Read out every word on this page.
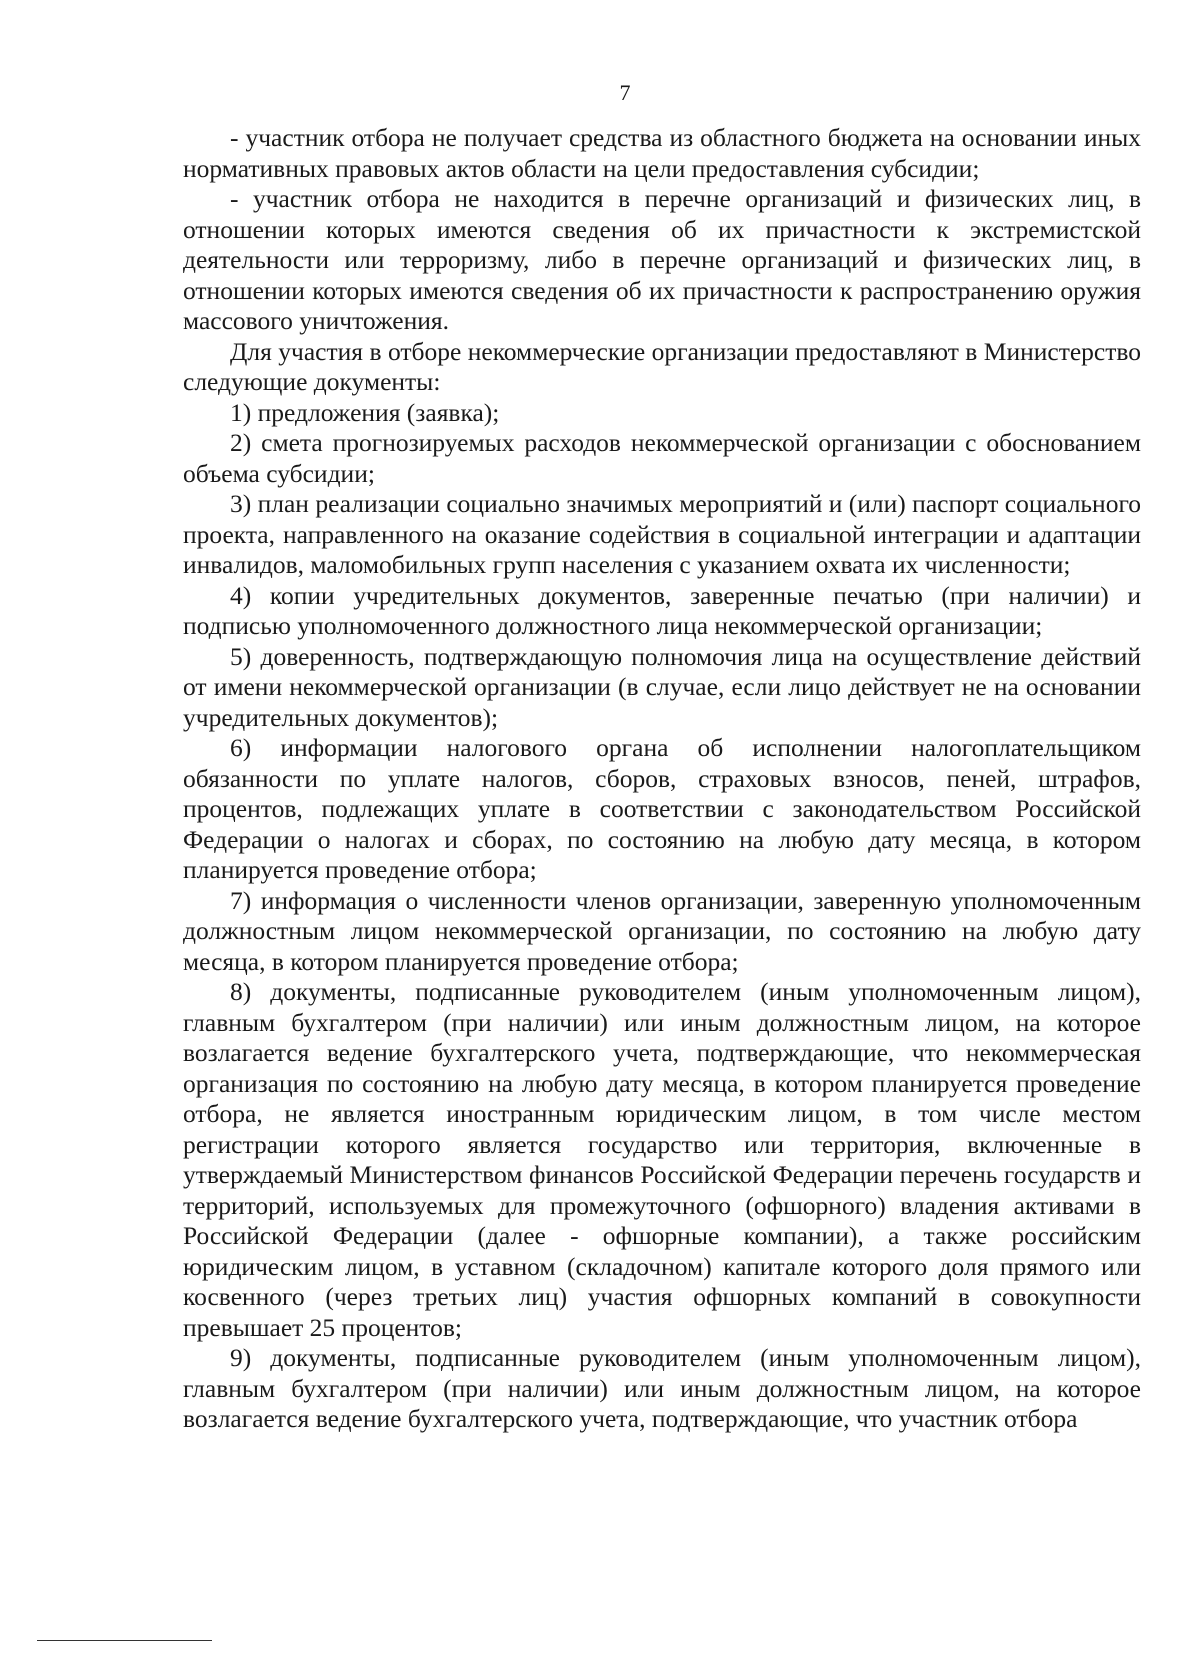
7

- участник отбора не получает средства из областного бюджета на основании иных нормативных правовых актов области на цели предоставления субсидии;

- участник отбора не находится в перечне организаций и физических лиц, в отношении которых имеются сведения об их причастности к экстремистской деятельности или терроризму, либо в перечне организаций и физических лиц, в отношении которых имеются сведения об их причастности к распространению оружия массового уничтожения.

Для участия в отборе некоммерческие организации предоставляют в Министерство следующие документы:

1) предложения (заявка);

2) смета прогнозируемых расходов некоммерческой организации с обоснованием объема субсидии;

3) план реализации социально значимых мероприятий и (или) паспорт социального проекта, направленного на оказание содействия в социальной интеграции и адаптации инвалидов, маломобильных групп населения с указанием охвата их численности;

4) копии учредительных документов, заверенные печатью (при наличии) и подписью уполномоченного должностного лица некоммерческой организации;

5) доверенность, подтверждающую полномочия лица на осуществление действий от имени некоммерческой организации (в случае, если лицо действует не на основании учредительных документов);

6) информации налогового органа об исполнении налогоплательщиком обязанности по уплате налогов, сборов, страховых взносов, пеней, штрафов, процентов, подлежащих уплате в соответствии с законодательством Российской Федерации о налогах и сборах, по состоянию на любую дату месяца, в котором планируется проведение отбора;

7) информация о численности членов организации, заверенную уполномоченным должностным лицом некоммерческой организации, по состоянию на любую дату месяца, в котором планируется проведение отбора;

8) документы, подписанные руководителем (иным уполномоченным лицом), главным бухгалтером (при наличии) или иным должностным лицом, на которое возлагается ведение бухгалтерского учета, подтверждающие, что некоммерческая организация по состоянию на любую дату месяца, в котором планируется проведение отбора, не является иностранным юридическим лицом, в том числе местом регистрации которого является государство или территория, включенные в утверждаемый Министерством финансов Российской Федерации перечень государств и территорий, используемых для промежуточного (офшорного) владения активами в Российской Федерации (далее - офшорные компании), а также российским юридическим лицом, в уставном (складочном) капитале которого доля прямого или косвенного (через третьих лиц) участия офшорных компаний в совокупности превышает 25 процентов;

9) документы, подписанные руководителем (иным уполномоченным лицом), главным бухгалтером (при наличии) или иным должностным лицом, на которое возлагается ведение бухгалтерского учета, подтверждающие, что участник отбора
